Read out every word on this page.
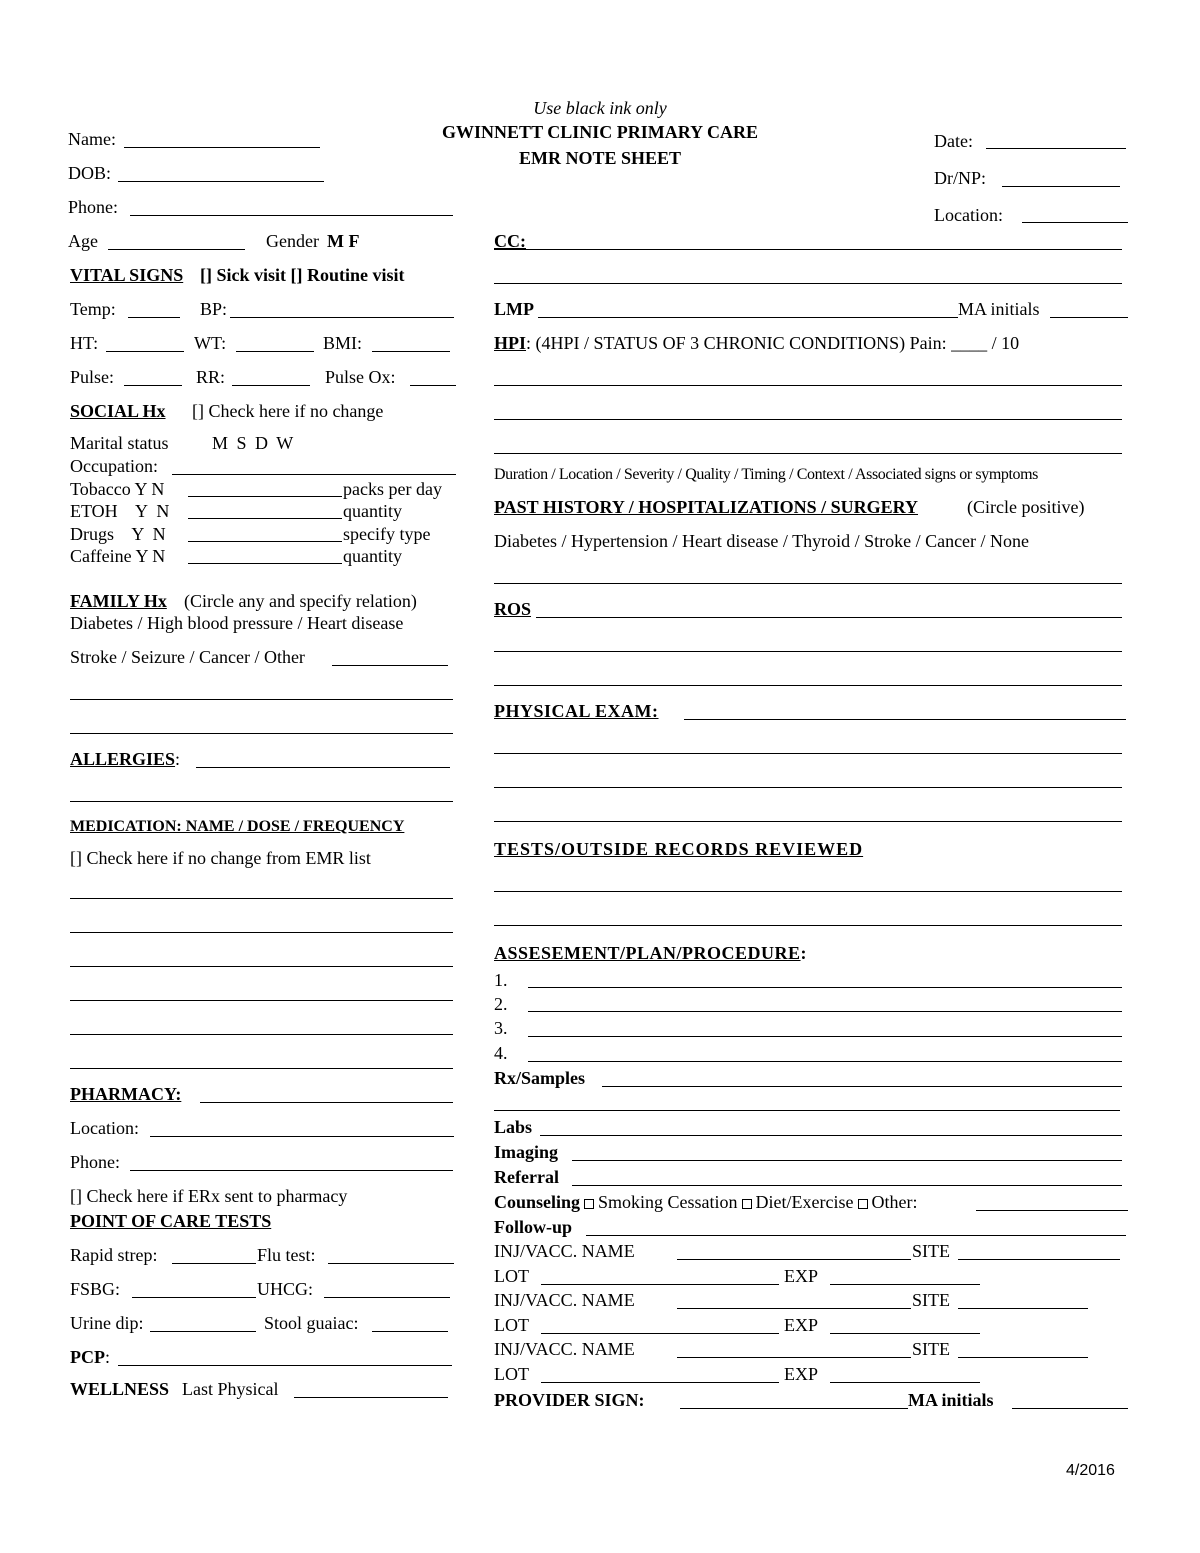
Use black ink only
GWINNETT CLINIC PRIMARY CARE
EMR NOTE SHEET
Date:
Dr/NP:
Location:
Name:
DOB:
Phone:
Age	Gender M F
VITAL SIGNS [] Sick visit [] Routine visit
Temp:	BP:
HT:	WT:	BMI:
Pulse:	RR:	Pulse Ox:
SOCIAL Hx [] Check here if no change
Marital status M S D W
Occupation:
Tobacco Y N	packs per day
ETOH    Y  N	quantity
Drugs    Y  N	specify type
Caffeine Y N	quantity
FAMILY Hx (Circle any and specify relation)
Diabetes / High blood pressure / Heart disease
Stroke / Seizure / Cancer / Other
ALLERGIES:
MEDICATION: NAME / DOSE / FREQUENCY
[] Check here if no change from EMR list
PHARMACY:
Location:
Phone:
[] Check here if ERx sent to pharmacy
POINT OF CARE TESTS
Rapid strep:	Flu test:
FSBG:	UHCG:
Urine dip:	Stool guaiac:
PCP:
WELLNESS Last Physical
CC:
LMP	MA initials
HPI: (4HPI / STATUS OF 3 CHRONIC CONDITIONS) Pain: ____ / 10
Duration / Location / Severity / Quality / Timing / Context / Associated signs or symptoms
PAST HISTORY / HOSPITALIZATIONS / SURGERY	(Circle positive)
Diabetes / Hypertension / Heart disease / Thyroid / Stroke / Cancer / None
ROS
PHYSICAL EXAM:
TESTS/OUTSIDE RECORDS REVIEWED
ASSESEMENT/PLAN/PROCEDURE:
1.
2.
3.
4.
Rx/Samples
Labs
Imaging
Referral
Counseling Smoking Cessation Diet/Exercise Other:
Follow-up
INJ/VACC. NAME	SITE
LOT	EXP
INJ/VACC. NAME	SITE
LOT	EXP
INJ/VACC. NAME	SITE
LOT	EXP
PROVIDER SIGN:	MA initials
4/2016
